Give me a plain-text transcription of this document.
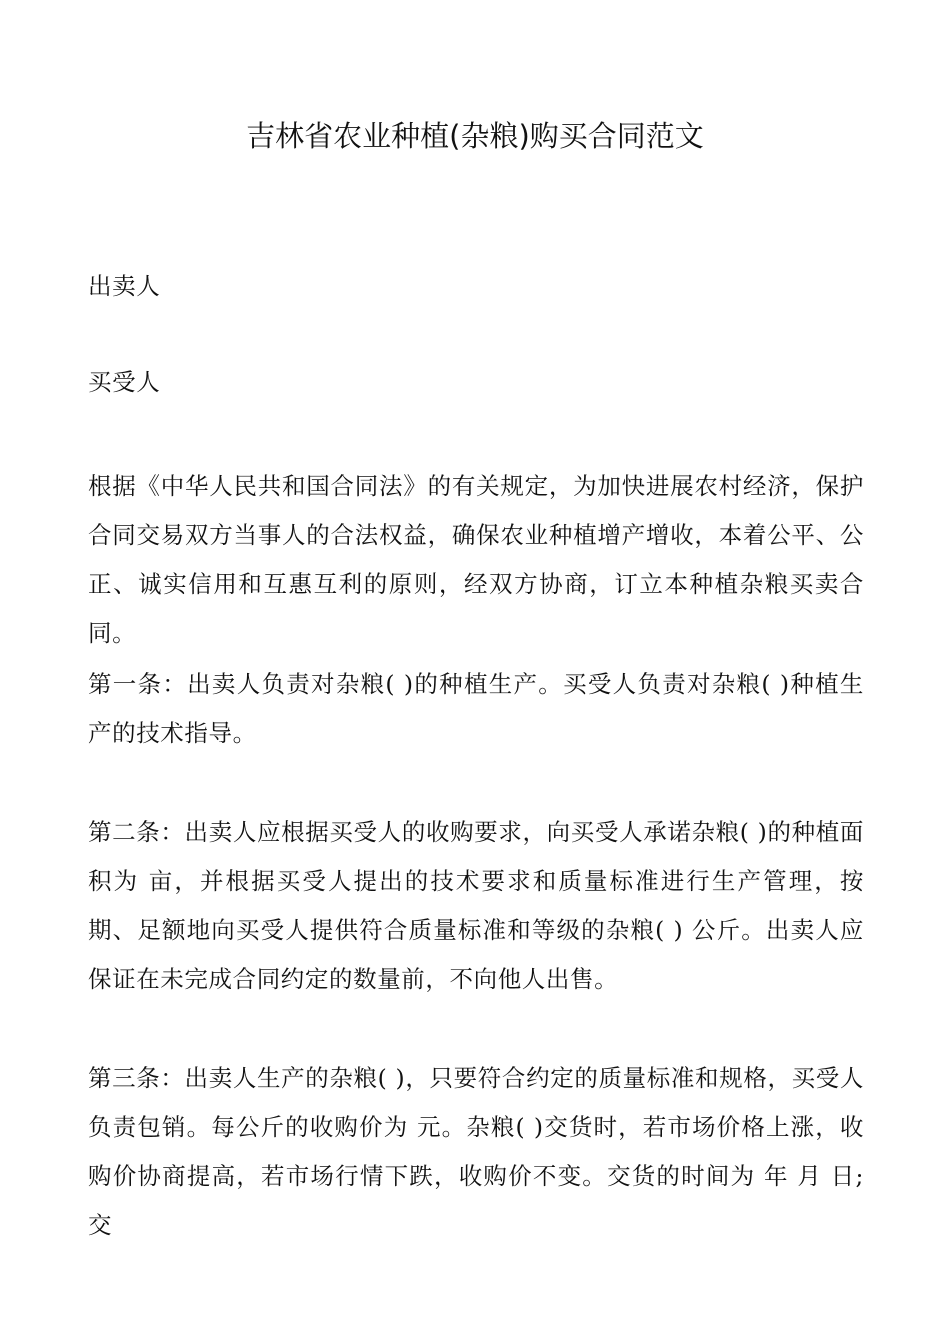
吉林省农业种植(杂粮)购买合同范文

出卖人

买受人

根据《中华人民共和国合同法》的有关规定，为加快进展农村经济，保护合同交易双方当事人的合法权益，确保农业种植增产增收，本着公平、公正、诚实信用和互惠互利的原则，经双方协商，订立本种植杂粮买卖合同。

第一条：出卖人负责对杂粮( )的种植生产。买受人负责对杂粮( )种植生产的技术指导。

第二条：出卖人应根据买受人的收购要求，向买受人承诺杂粮( )的种植面积为 亩，并根据买受人提出的技术要求和质量标准进行生产管理，按期、足额地向买受人提供符合质量标准和等级的杂粮( ) 公斤。出卖人应保证在未完成合同约定的数量前，不向他人出售。

第三条：出卖人生产的杂粮( )，只要符合约定的质量标准和规格，买受人负责包销。每公斤的收购价为 元。杂粮( )交货时，若市场价格上涨，收购价协商提高，若市场行情下跌，收购价不变。交货的时间为 年 月 日;交
